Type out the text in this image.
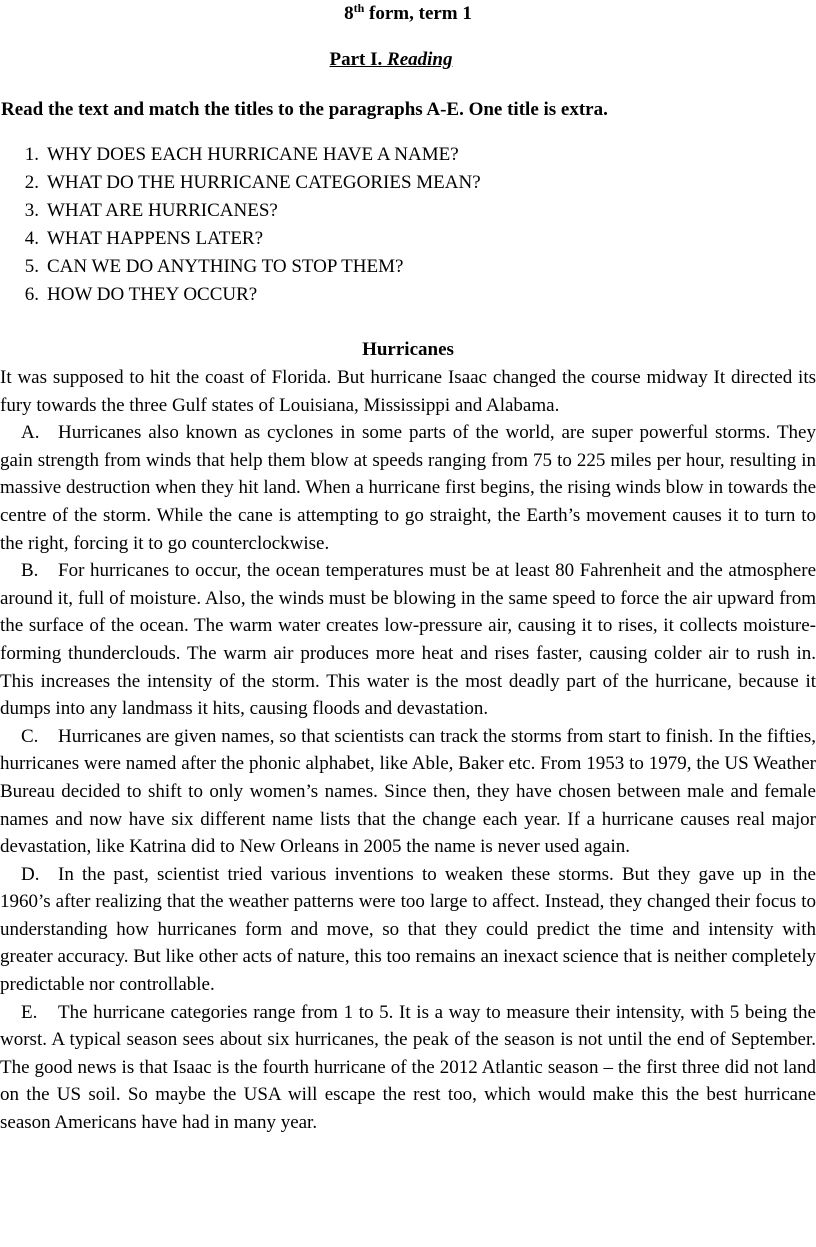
8th form, term 1
Part I. Reading
Read the text and match the titles to the paragraphs A-E. One title is extra.
1. WHY DOES EACH HURRICANE HAVE A NAME?
2. WHAT DO THE HURRICANE CATEGORIES MEAN?
3. WHAT ARE HURRICANES?
4. WHAT HAPPENS LATER?
5. CAN WE DO ANYTHING TO STOP THEM?
6. HOW DO THEY OCCUR?
Hurricanes

It was supposed to hit the coast of Florida. But hurricane Isaac changed the course midway It directed its fury towards the three Gulf states of Louisiana, Mississippi and Alabama.

A. Hurricanes also known as cyclones in some parts of the world, are super powerful storms. They gain strength from winds that help them blow at speeds ranging from 75 to 225 miles per hour, resulting in massive destruction when they hit land. When a hurricane first begins, the rising winds blow in towards the centre of the storm. While the cane is attempting to go straight, the Earth’s movement causes it to turn to the right, forcing it to go counterclockwise.

B. For hurricanes to occur, the ocean temperatures must be at least 80 Fahrenheit and the atmosphere around it, full of moisture. Also, the winds must be blowing in the same speed to force the air upward from the surface of the ocean. The warm water creates low-pressure air, causing it to rises, it collects moisture-forming thunderclouds. The warm air produces more heat and rises faster, causing colder air to rush in. This increases the intensity of the storm. This water is the most deadly part of the hurricane, because it dumps into any landmass it hits, causing floods and devastation.

C. Hurricanes are given names, so that scientists can track the storms from start to finish. In the fifties, hurricanes were named after the phonic alphabet, like Able, Baker etc. From 1953 to 1979, the US Weather Bureau decided to shift to only women’s names. Since then, they have chosen between male and female names and now have six different name lists that the change each year. If a hurricane causes real major devastation, like Katrina did to New Orleans in 2005 the name is never used again.

D. In the past, scientist tried various inventions to weaken these storms. But they gave up in the 1960’s after realizing that the weather patterns were too large to affect. Instead, they changed their focus to understanding how hurricanes form and move, so that they could predict the time and intensity with greater accuracy. But like other acts of nature, this too remains an inexact science that is neither completely predictable nor controllable.

E. The hurricane categories range from 1 to 5. It is a way to measure their intensity, with 5 being the worst. A typical season sees about six hurricanes, the peak of the season is not until the end of September. The good news is that Isaac is the fourth hurricane of the 2012 Atlantic season – the first three did not land on the US soil. So maybe the USA will escape the rest too, which would make this the best hurricane season Americans have had in many year.
